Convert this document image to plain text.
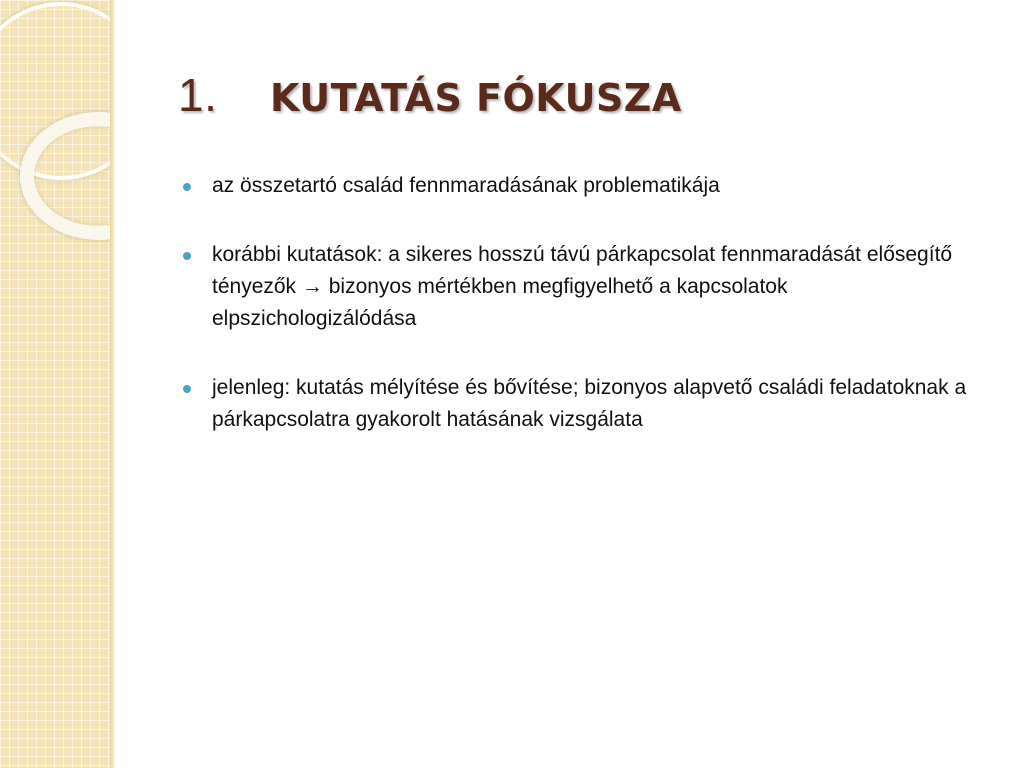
1. KUTATÁS FÓKUSZA
az összetartó család fennmaradásának problematikája
korábbi kutatások: a sikeres hosszú távú párkapcsolat fennmaradását elősegítő tényezők → bizonyos mértékben megfigyelhető a kapcsolatok elpszichologizálódása
jelenleg: kutatás mélyítése és bővítése; bizonyos alapvető családi feladatoknak a párkapcsolatra gyakorolt hatásának vizsgálata
